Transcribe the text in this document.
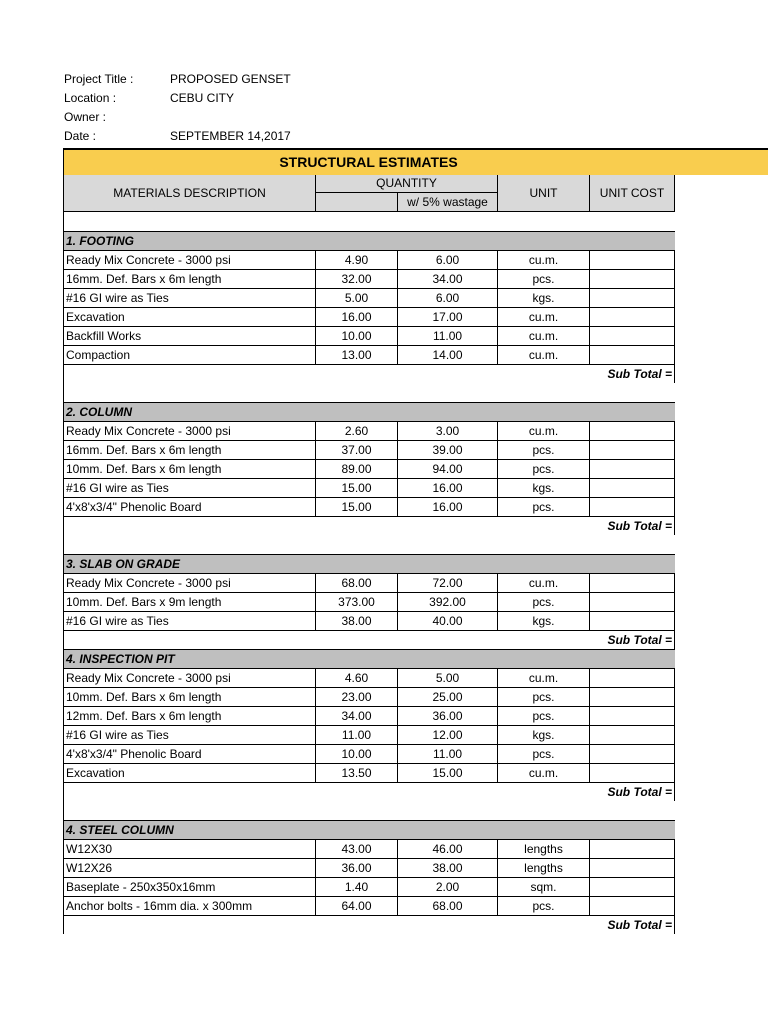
Project Title :	PROPOSED GENSET
Location :	CEBU CITY
Owner :
Date :	SEPTEMBER 14,2017
STRUCTURAL ESTIMATES
MATERIALS DESCRIPTION	QUANTITY		UNIT	UNIT COST
		w/ 5% wastage		

1. FOOTING				
Ready Mix Concrete - 3000 psi	4.90	6.00	cu.m.	
16mm. Def. Bars x 6m length	32.00	34.00	pcs.	
#16 GI wire as Ties	5.00	6.00	kgs.	
Excavation	16.00	17.00	cu.m.	
Backfill Works	10.00	11.00	cu.m.	
Compaction	13.00	14.00	cu.m.	
				Sub Total =

2. COLUMN				
Ready Mix Concrete - 3000 psi	2.60	3.00	cu.m.	
16mm. Def. Bars x 6m length	37.00	39.00	pcs.	
10mm. Def. Bars x 6m length	89.00	94.00	pcs.	
#16 GI wire as Ties	15.00	16.00	kgs.	
4'x8'x3/4" Phenolic Board	15.00	16.00	pcs.	
				Sub Total =

3. SLAB ON GRADE				
Ready Mix Concrete - 3000 psi	68.00	72.00	cu.m.	
10mm. Def. Bars x 9m length	373.00	392.00	pcs.	
#16 GI wire as Ties	38.00	40.00	kgs.	
				Sub Total =
4. INSPECTION PIT				
Ready Mix Concrete - 3000 psi	4.60	5.00	cu.m.	
10mm. Def. Bars x 6m length	23.00	25.00	pcs.	
12mm. Def. Bars x 6m length	34.00	36.00	pcs.	
#16 GI wire as Ties	11.00	12.00	kgs.	
4'x8'x3/4" Phenolic Board	10.00	11.00	pcs.	
Excavation	13.50	15.00	cu.m.	
				Sub Total =

4. STEEL COLUMN				
W12X30	43.00	46.00	lengths	
W12X26	36.00	38.00	lengths	
Baseplate - 250x350x16mm	1.40	2.00	sqm.	
Anchor bolts - 16mm dia. x 300mm	64.00	68.00	pcs.	
				Sub Total =
